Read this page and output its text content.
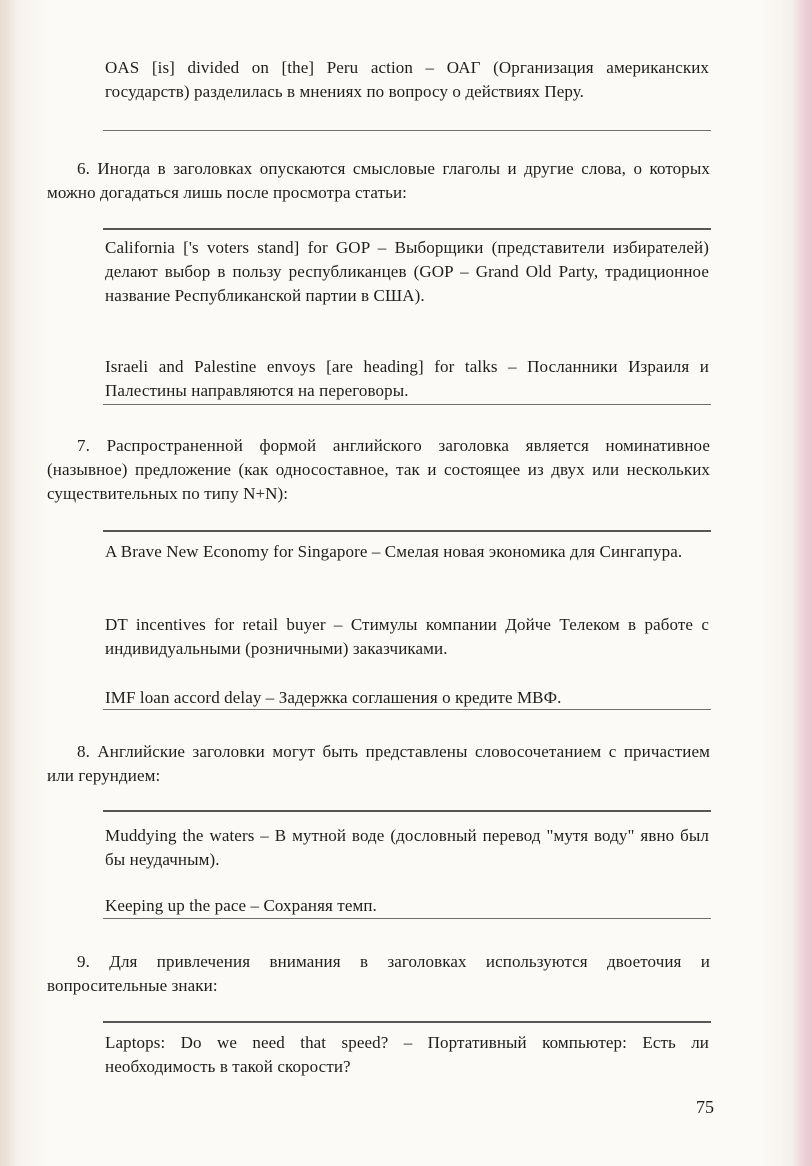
OAS [is] divided on [the] Peru action – ОАГ (Организация американских государств) разделилась в мнениях по вопросу о действиях Перу.
6. Иногда в заголовках опускаются смысловые глаголы и другие слова, о которых можно догадаться лишь после просмотра статьи:
California ['s voters stand] for GOP – Выборщики (представители избирателей) делают выбор в пользу республиканцев (GOP – Grand Old Party, традиционное название Республиканской партии в США).
Israeli and Palestine envoys [are heading] for talks – Посланники Израиля и Палестины направляются на переговоры.
7. Распространенной формой английского заголовка является номинативное (назывное) предложение (как односоставное, так и состоящее из двух или нескольких существительных по типу N+N):
A Brave New Economy for Singapore – Смелая новая экономика для Сингапура.
DT incentives for retail buyer – Стимулы компании Дойче Телеком в работе с индивидуальными (розничными) заказчиками.
IMF loan accord delay – Задержка соглашения о кредите МВФ.
8. Английские заголовки могут быть представлены словосочетанием с причастием или герундием:
Muddying the waters – В мутной воде (дословный перевод "мутя воду" явно был бы неудачным).
Keeping up the pace – Сохраняя темп.
9. Для привлечения внимания в заголовках используются двоеточия и вопросительные знаки:
Laptops: Do we need that speed? – Портативный компьютер: Есть ли необходимость в такой скорости?
75
